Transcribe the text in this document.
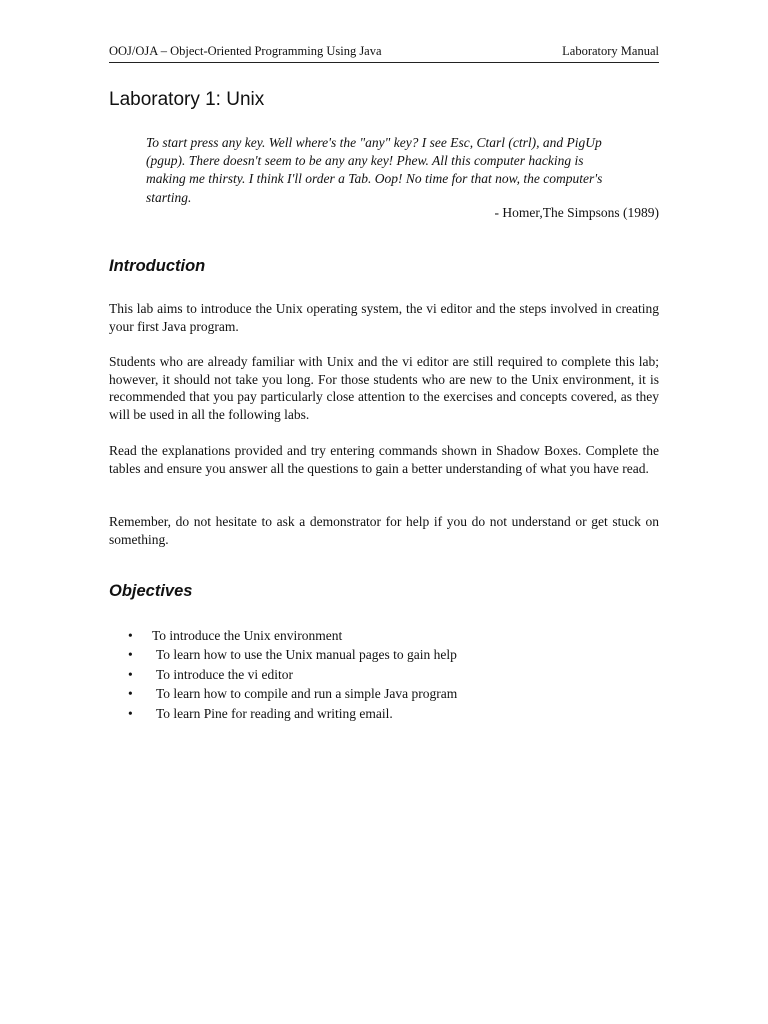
OOJ/OJA – Object-Oriented Programming Using Java	Laboratory Manual
Laboratory 1: Unix

To start press any key. Well where's the "any" key? I see Esc, Ctarl (ctrl), and PigUp (pgup). There doesn't seem to be any any key! Phew. All this computer hacking is making me thirsty. I think I'll order a Tab. Oop! No time for that now, the computer's starting.

- Homer,The Simpsons (1989)

Introduction

This lab aims to introduce the Unix operating system, the vi editor and the steps involved in creating your first Java program.

Students who are already familiar with Unix and the vi editor are still required to complete this lab; however, it should not take you long. For those students who are new to the Unix environment, it is recommended that you pay particularly close attention to the exercises and concepts covered, as they will be used in all the following labs.

Read the explanations provided and try entering commands shown in Shadow Boxes. Complete the tables and ensure you answer all the questions to gain a better understanding of what you have read.

Remember, do not hesitate to ask a demonstrator for help if you do not understand or get stuck on something.

Objectives
• To introduce the Unix environment
• To learn how to use the Unix manual pages to gain help
• To introduce the vi editor
• To learn how to compile and run a simple Java program
• To learn Pine for reading and writing email.
